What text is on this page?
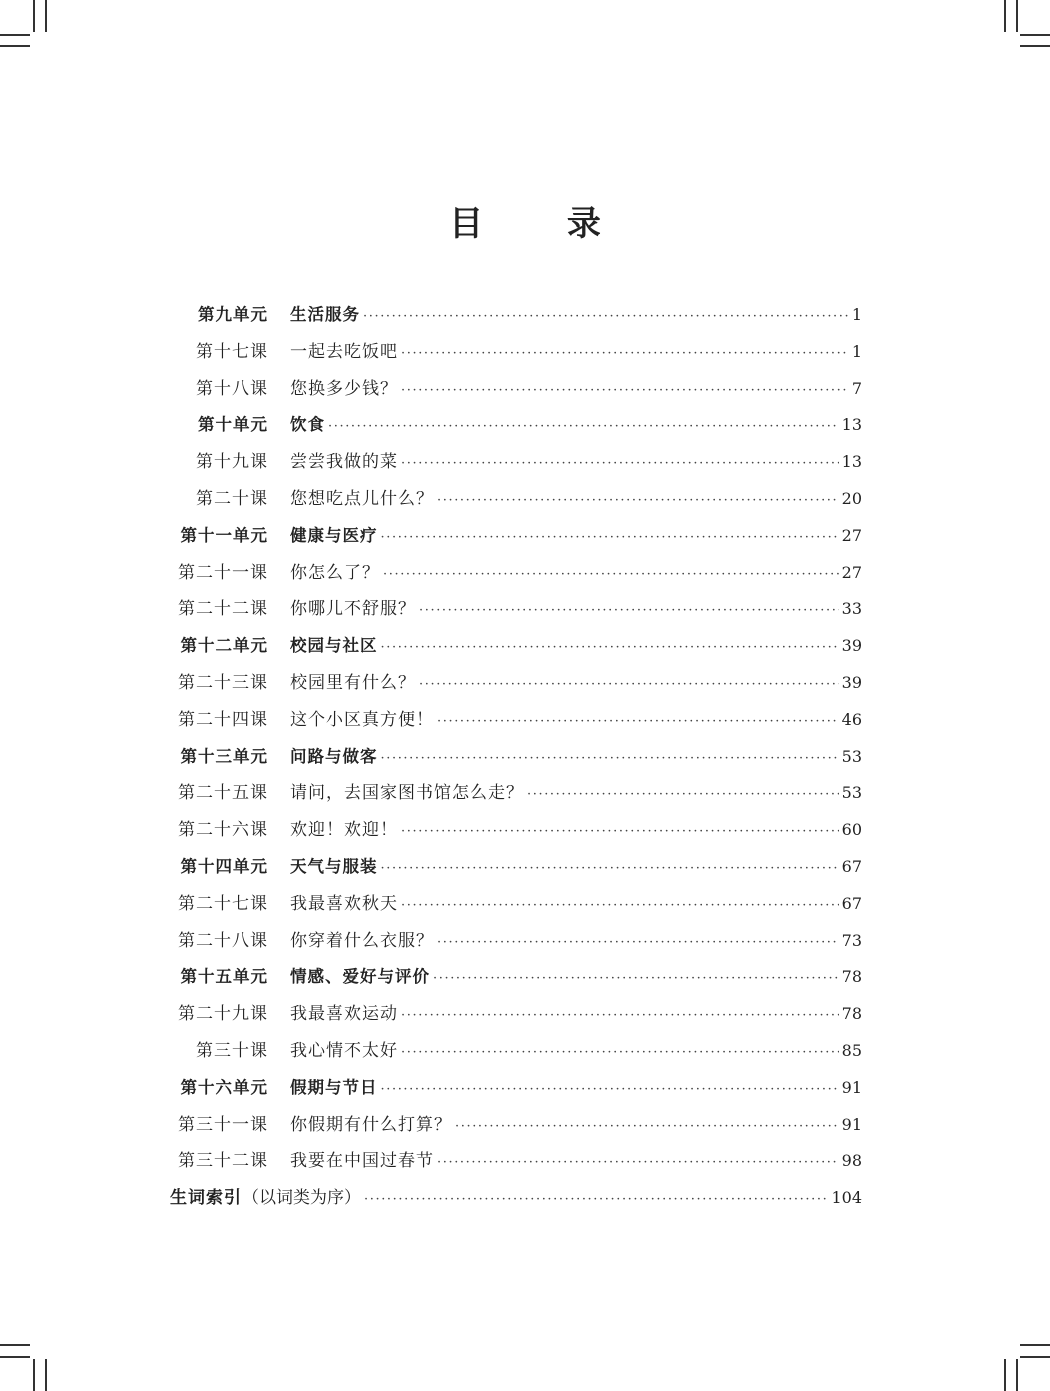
目 录
第九单元 生活服务 ·····	1
第十七课 一起去吃饭吧 ·····	1
第十八课 您换多少钱？ ·····	7
第十单元 饮食 ·····	13
第十九课 尝尝我做的菜 ·····	13
第二十课 您想吃点儿什么？ ·····	20
第十一单元 健康与医疗 ·····	27
第二十一课 你怎么了？ ·····	27
第二十二课 你哪儿不舒服？ ·····	33
第十二单元 校园与社区 ·····	39
第二十三课 校园里有什么？ ·····	39
第二十四课 这个小区真方便！ ·····	46
第十三单元 问路与做客 ·····	53
第二十五课 请问，去国家图书馆怎么走？ ·····	53
第二十六课 欢迎！欢迎！ ·····	60
第十四单元 天气与服装 ·····	67
第二十七课 我最喜欢秋天 ·····	67
第二十八课 你穿着什么衣服？ ·····	73
第十五单元 情感、爱好与评价 ·····	78
第二十九课 我最喜欢运动 ·····	78
第三十课 我心情不太好 ·····	85
第十六单元 假期与节日 ·····	91
第三十一课 你假期有什么打算？ ·····	91
第三十二课 我要在中国过春节 ·····	98
生词索引 （以词类为序） ·····	104
